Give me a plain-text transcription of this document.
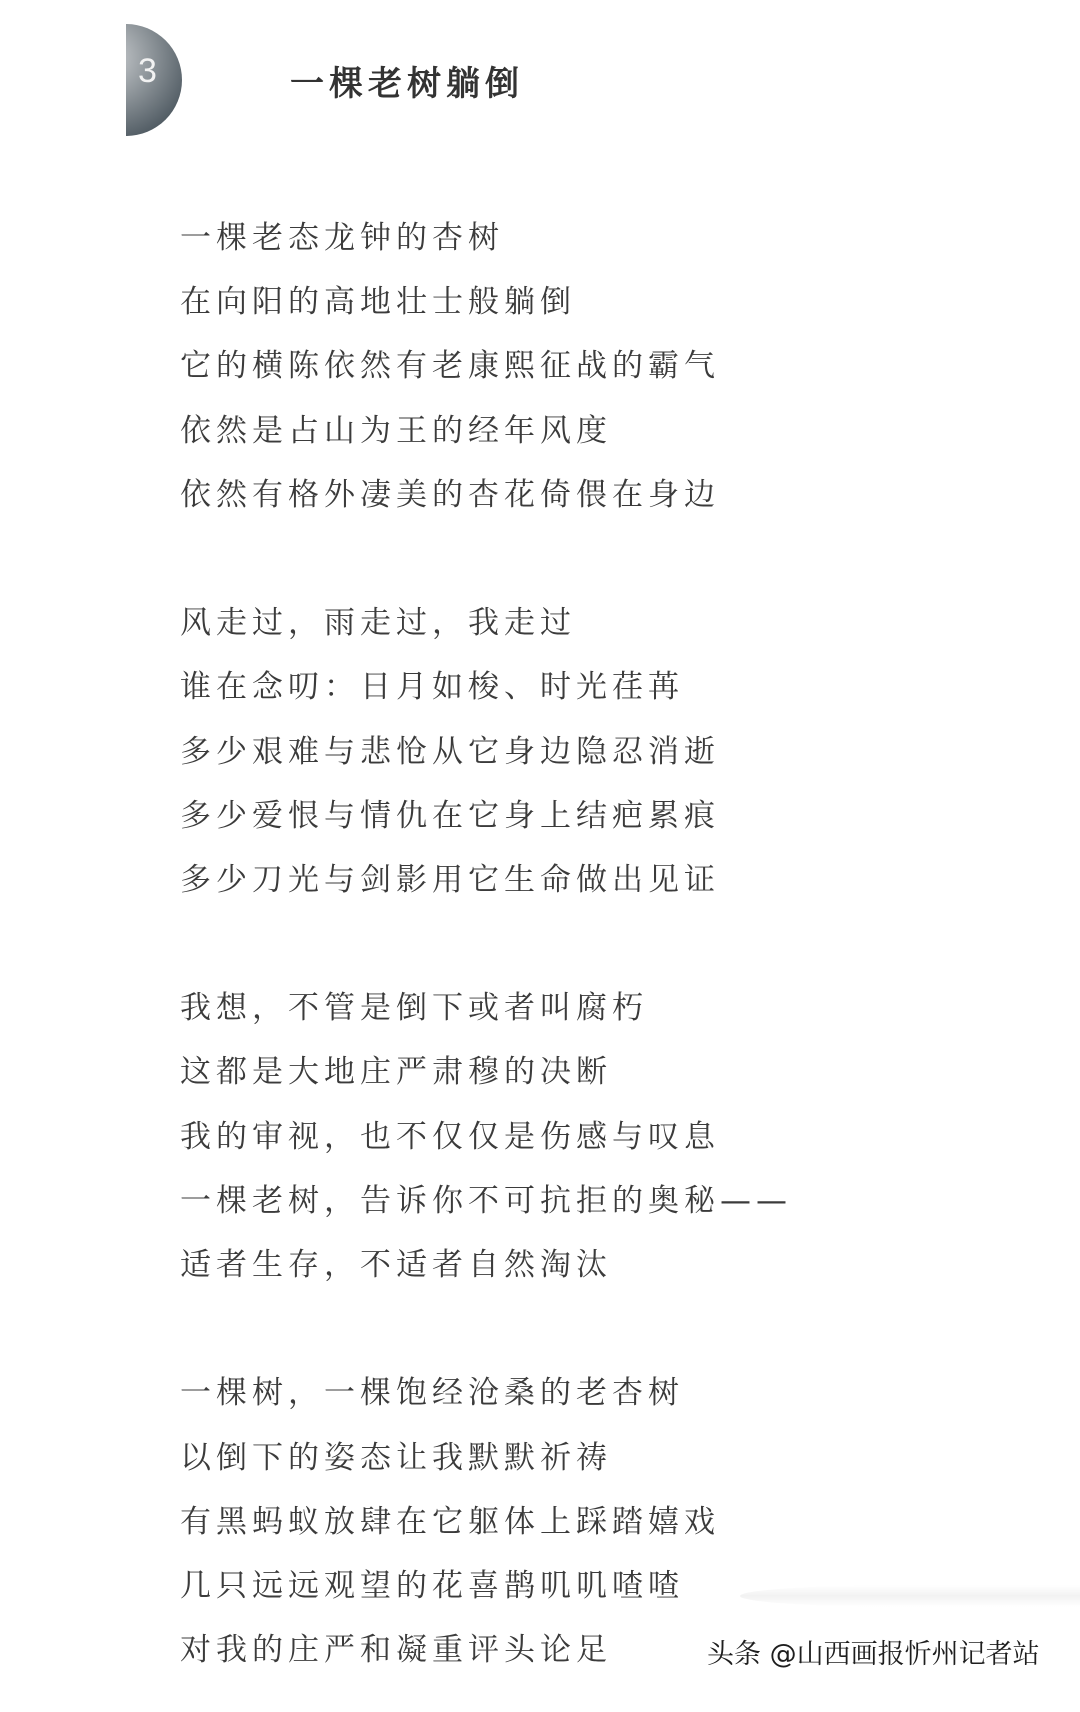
3	一棵老树躺倒
一棵老态龙钟的杏树
在向阳的高地壮士般躺倒
它的横陈依然有老康熙征战的霸气
依然是占山为王的经年风度
依然有格外凄美的杏花倚偎在身边
风走过，雨走过，我走过
谁在念叨：日月如梭、时光荏苒
多少艰难与悲怆从它身边隐忍消逝
多少爱恨与情仇在它身上结疤累痕
多少刀光与剑影用它生命做出见证
我想，不管是倒下或者叫腐朽
这都是大地庄严肃穆的决断
我的审视，也不仅仅是伤感与叹息
一棵老树，告诉你不可抗拒的奥秘——
适者生存，不适者自然淘汰
一棵树，一棵饱经沧桑的老杏树
以倒下的姿态让我默默祈祷
有黑蚂蚁放肆在它躯体上踩踏嬉戏
几只远远观望的花喜鹊叽叽喳喳
对我的庄严和凝重评头论足	头条 @山西画报忻州记者站
